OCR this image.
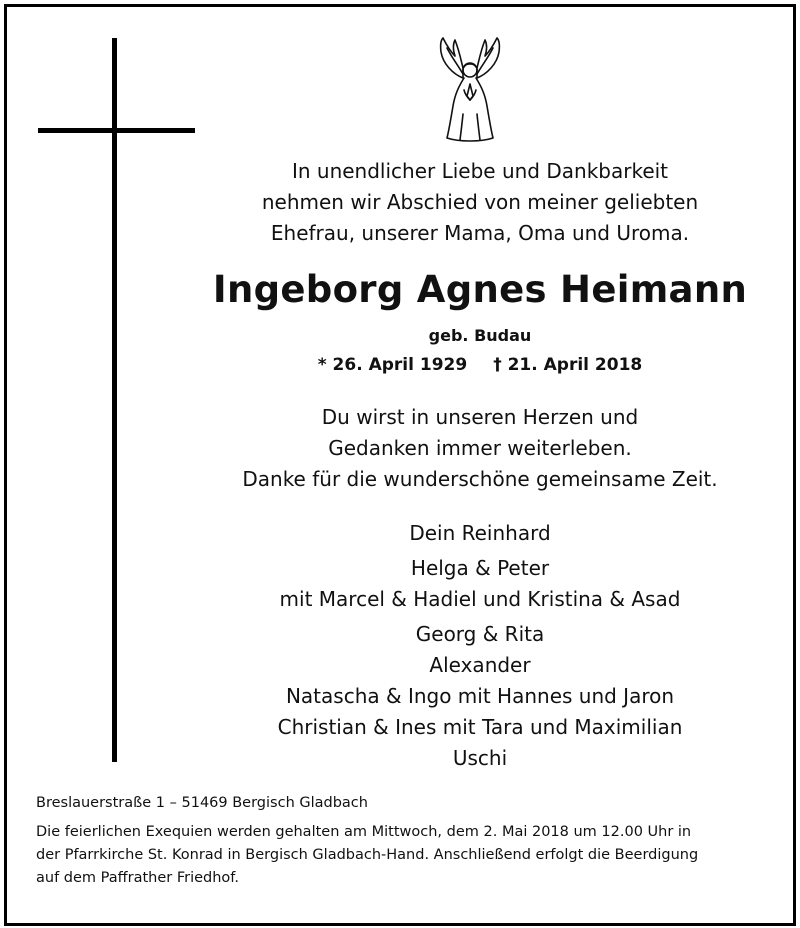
In unendlicher Liebe und Dankbarkeit
nehmen wir Abschied von meiner geliebten
Ehefrau, unserer Mama, Oma und Uroma.
Ingeborg Agnes Heimann
geb. Budau
* 26. April 1929 † 21. April 2018
Du wirst in unseren Herzen und
Gedanken immer weiterleben.
Danke für die wunderschöne gemeinsame Zeit.
Dein Reinhard
Helga & Peter
mit Marcel & Hadiel und Kristina & Asad
Georg & Rita
Alexander
Natascha & Ingo mit Hannes und Jaron
Christian & Ines mit Tara und Maximilian
Uschi
Breslauerstraße 1 – 51469 Bergisch Gladbach
Die feierlichen Exequien werden gehalten am Mittwoch, dem 2. Mai 2018 um 12.00 Uhr in
der Pfarrkirche St. Konrad in Bergisch Gladbach-Hand. Anschließend erfolgt die Beerdigung
auf dem Paffrather Friedhof.
